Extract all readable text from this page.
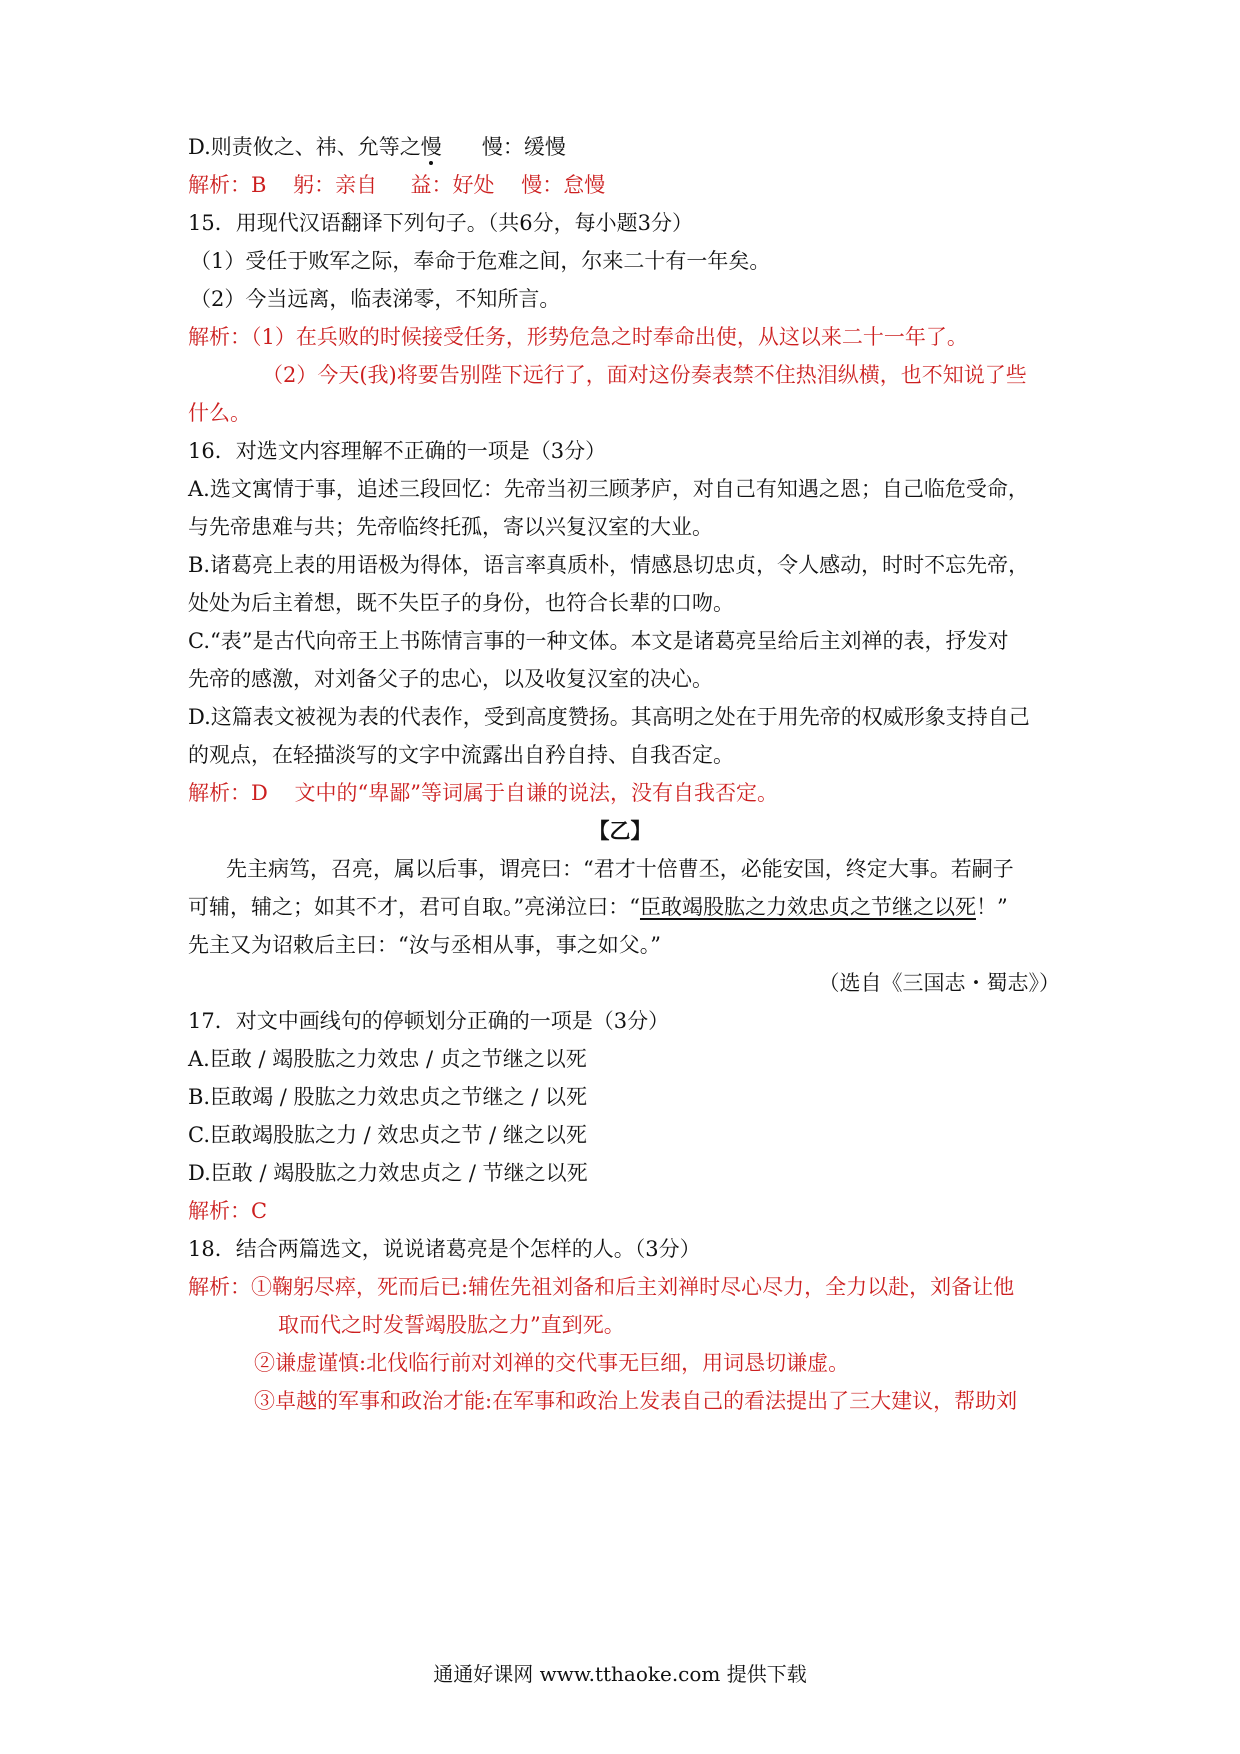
D.则责攸之、祎、允等之慢
慢：缓慢
解析：B    躬：亲自     益：好处    慢：怠慢
15．用现代汉语翻译下列句子。（共6分，每小题3分）
（1）受任于败军之际，奉命于危难之间，尔来二十有一年矣。
（2）今当远离，临表涕零，不知所言。
解析：（1）在兵败的时候接受任务，形势危急之时奉命出使，从这以来二十一年了。
（2）今天(我)将要告别陛下远行了，面对这份奏表禁不住热泪纵横，也不知说了些
什么。
16．对选文内容理解不正确的一项是（3分）
A.选文寓情于事，追述三段回忆：先帝当初三顾茅庐，对自己有知遇之恩；自己临危受命，
与先帝患难与共；先帝临终托孤，寄以兴复汉室的大业。
B.诸葛亮上表的用语极为得体，语言率真质朴，情感恳切忠贞，令人感动，时时不忘先帝，
处处为后主着想，既不失臣子的身份，也符合长辈的口吻。
C.“表”是古代向帝王上书陈情言事的一种文体。本文是诸葛亮呈给后主刘禅的表，抒发对
先帝的感激，对刘备父子的忠心，以及收复汉室的决心。
D.这篇表文被视为表的代表作，受到高度赞扬。其高明之处在于用先帝的权威形象支持自己
的观点，在轻描淡写的文字中流露出自矜自持、自我否定。
解析：D    文中的“卑鄙”等词属于自谦的说法，没有自我否定。
【乙】
先主病笃，召亮，属以后事，谓亮曰：“君才十倍曹丕，必能安国，终定大事。若嗣子
可辅，辅之；如其不才，君可自取。”亮涕泣曰：“臣敢竭股肱之力效忠贞之节继之以死！”
先主又为诏敕后主曰：“汝与丞相从事，事之如父。”
（选自《三国志・蜀志》）
17．对文中画线句的停顿划分正确的一项是（3分）
A.臣敢 / 竭股肱之力效忠 / 贞之节继之以死
B.臣敢竭 / 股肱之力效忠贞之节继之 / 以死
C.臣敢竭股肱之力 / 效忠贞之节 / 继之以死
D.臣敢 / 竭股肱之力效忠贞之 / 节继之以死
解析：C
18．结合两篇选文，说说诸葛亮是个怎样的人。（3分）
解析：①鞠躬尽瘁，死而后已:辅佐先祖刘备和后主刘禅时尽心尽力，全力以赴，刘备让他
取而代之时发誓竭股肱之力”直到死。
②谦虚谨慎:北伐临行前对刘禅的交代事无巨细，用词恳切谦虚。
③卓越的军事和政治才能:在军事和政治上发表自己的看法提出了三大建议，帮助刘
通通好课网 www.tthaoke.com 提供下载
